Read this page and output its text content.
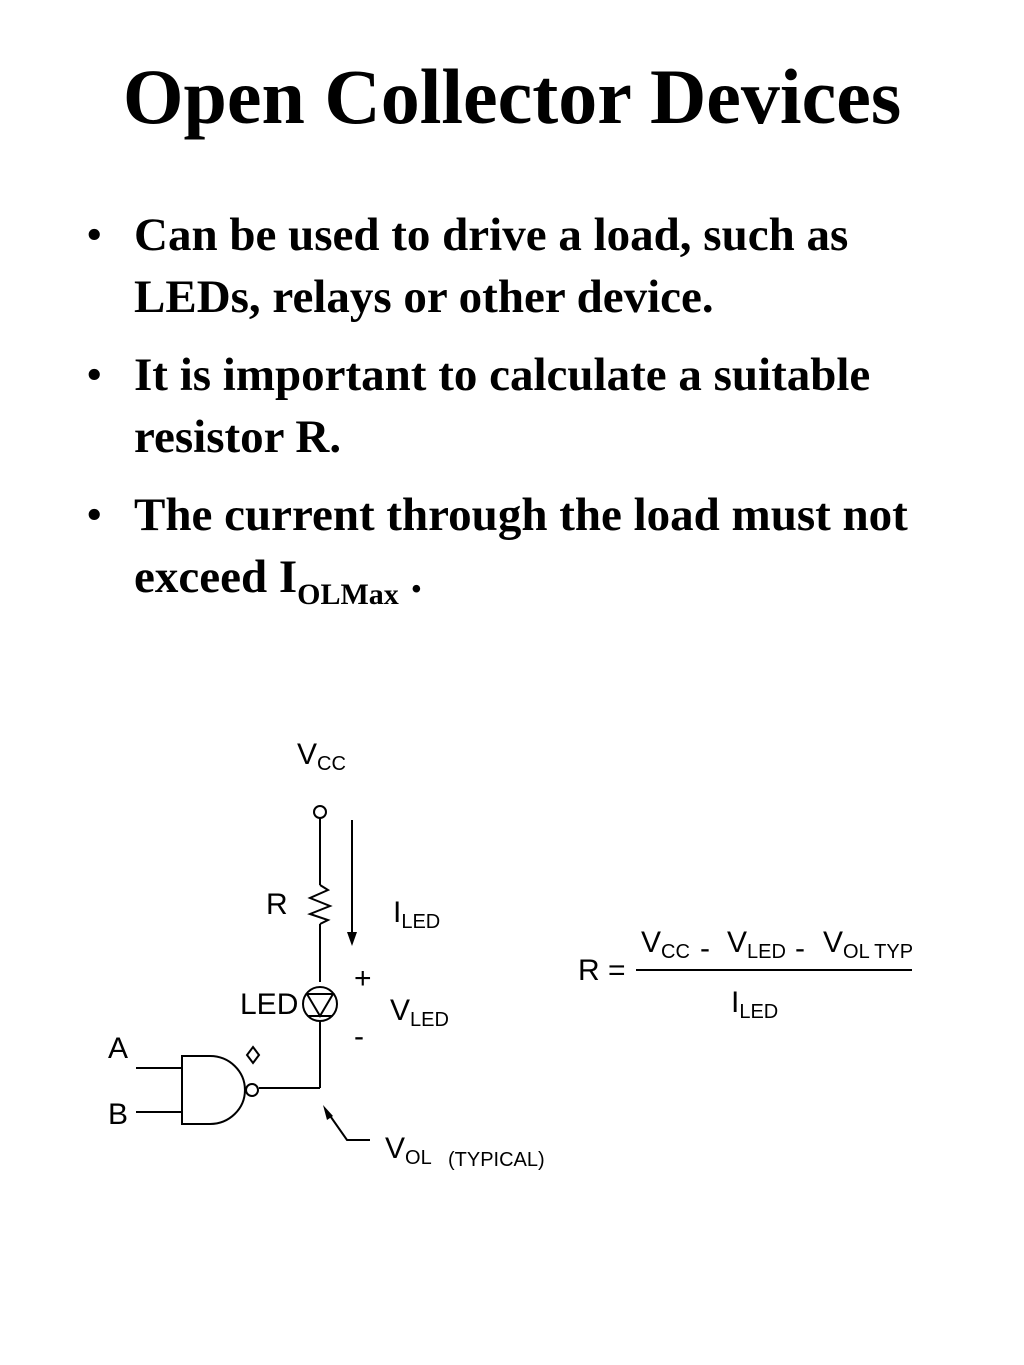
Open Collector Devices
• Can be used to drive a load, such as LEDs, relays or other device.
• It is important to calculate a suitable resistor R.
• The current through the load must not exceed $I_{OLMax}$ .
$V_{CC}$
R	$I_{LED}$
LED
+
-
$V_{LED}$
A
B
$V_{OL}$ (TYPICAL)
R =
$V_{CC} - V_{LED} - V_{OL TYP}$
$I_{LED}$
